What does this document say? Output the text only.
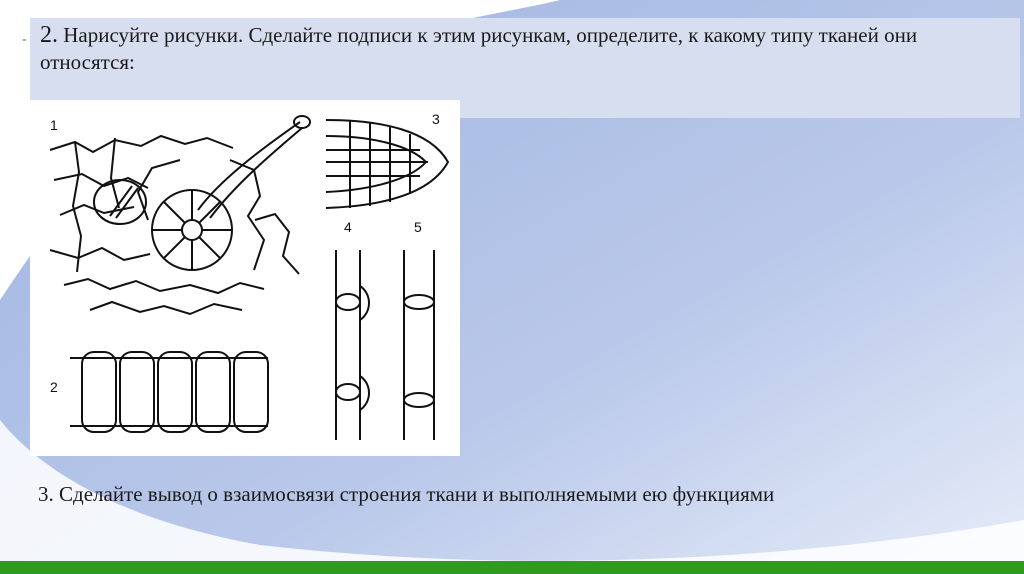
- 2. Нарисуйте рисунки. Сделайте подписи к этим рисункам, определите, к какому типу тканей они относятся:
1
2
3
4	5
3. Сделайте вывод о взаимосвязи строения ткани и выполняемыми ею функциями
